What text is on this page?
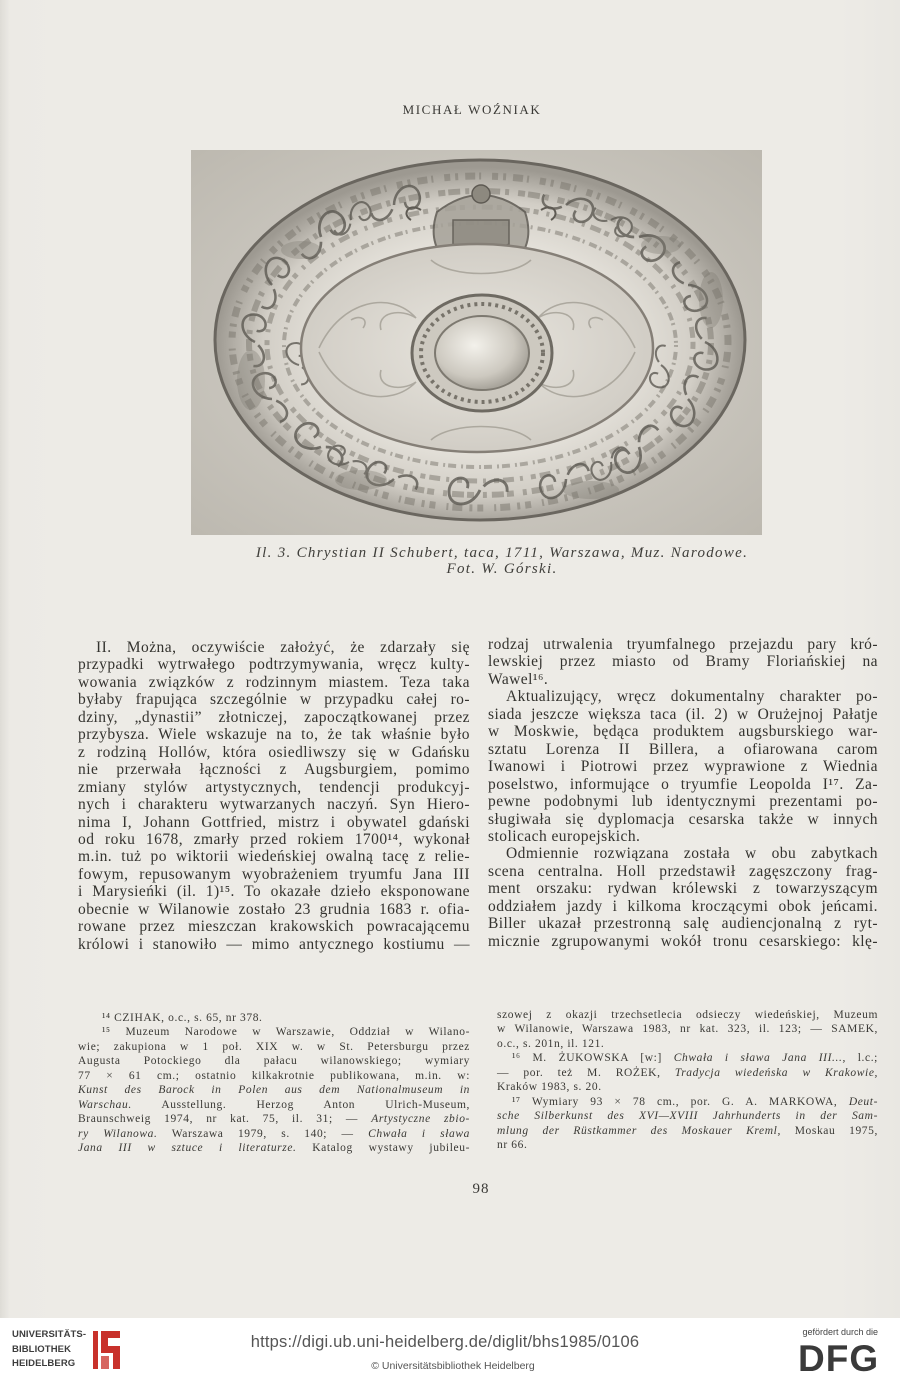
MICHAŁ WOŹNIAK
Il. 3. Chrystian II Schubert, taca, 1711, Warszawa, Muz. Narodowe.
Fot. W. Górski.
II. Można, oczywiście założyć, że zdarzały się
przypadki wytrwałego podtrzymywania, wręcz kulty-
wowania związków z rodzinnym miastem. Teza taka
byłaby frapująca szczególnie w przypadku całej ro-
dziny, „dynastii” złotniczej, zapoczątkowanej przez
przybysza. Wiele wskazuje na to, że tak właśnie było
z rodziną Hollów, która osiedliwszy się w Gdańsku
nie przerwała łączności z Augsburgiem, pomimo
zmiany stylów artystycznych, tendencji produkcyj-
nych i charakteru wytwarzanych naczyń. Syn Hiero-
nima I, Johann Gottfried, mistrz i obywatel gdański
od roku 1678, zmarły przed rokiem 1700¹⁴, wykonał
m.in. tuż po wiktorii wiedeńskiej owalną tacę z relie-
fowym, repusowanym wyobrażeniem tryumfu Jana III
i Marysieńki (il. 1)¹⁵. To okazałe dzieło eksponowane
obecnie w Wilanowie zostało 23 grudnia 1683 r. ofia-
rowane przez mieszczan krakowskich powracającemu
królowi i stanowiło — mimo antycznego kostiumu —
rodzaj utrwalenia tryumfalnego przejazdu pary kró-
lewskiej przez miasto od Bramy Floriańskiej na
Wawel¹⁶.
Aktualizujący, wręcz dokumentalny charakter po-
siada jeszcze większa taca (il. 2) w Orużejnoj Pałatje
w Moskwie, będąca produktem augsburskiego war-
sztatu Lorenza II Billera, a ofiarowana carom
Iwanowi i Piotrowi przez wyprawione z Wiednia
poselstwo, informujące o tryumfie Leopolda I¹⁷. Za-
pewne podobnymi lub identycznymi prezentami po-
sługiwała się dyplomacja cesarska także w innych
stolicach europejskich.
Odmiennie rozwiązana została w obu zabytkach
scena centralna. Holl przedstawił zagęszczony frag-
ment orszaku: rydwan królewski z towarzyszącym
oddziałem jazdy i kilkoma kroczącymi obok jeńcami.
Biller ukazał przestronną salę audiencjonalną z ryt-
micznie zgrupowanymi wokół tronu cesarskiego: klę-
¹⁴ CZIHAK, o.c., s. 65, nr 378.
¹⁵ Muzeum Narodowe w Warszawie, Oddział w Wilano-
wie; zakupiona w 1 poł. XIX w. w St. Petersburgu przez
Augusta Potockiego dla pałacu wilanowskiego; wymiary
77 × 61 cm.; ostatnio kilkakrotnie publikowana, m.in. w:
Kunst des Barock in Polen aus dem Nationalmuseum in
Warschau. Ausstellung. Herzog Anton Ulrich-Museum,
Braunschweig 1974, nr kat. 75, il. 31; — Artystyczne zbio-
ry Wilanowa. Warszawa 1979, s. 140; — Chwała i sława
Jana III w sztuce i literaturze. Katalog wystawy jubileu-
szowej z okazji trzechsetlecia odsieczy wiedeńskiej, Muzeum
w Wilanowie, Warszawa 1983, nr kat. 323, il. 123; — SAMEK,
o.c., s. 201n, il. 121.
¹⁶ M. ŻUKOWSKA [w:] Chwała i sława Jana III..., l.c.;
— por. też M. ROŻEK, Tradycja wiedeńska w Krakowie,
Kraków 1983, s. 20.
¹⁷ Wymiary 93 × 78 cm., por. G. A. MARKOWA, Deut-
sche Silberkunst des XVI—XVIII Jahrhunderts in der Sam-
mlung der Rüstkammer des Moskauer Kreml, Moskau 1975,
nr 66.
98
UNIVERSITÄTS-
BIBLIOTHEK
HEIDELBERG
https://digi.ub.uni-heidelberg.de/diglit/bhs1985/0106
© Universitätsbibliothek Heidelberg
gefördert durch die
DFG
